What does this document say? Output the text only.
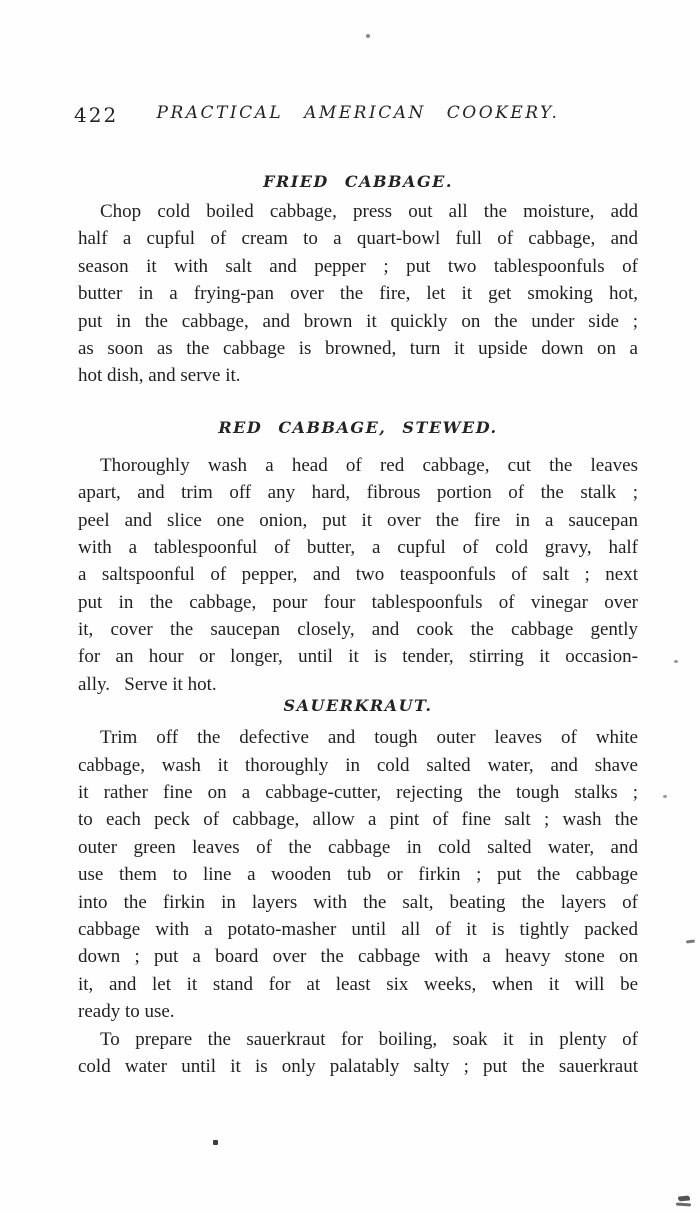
422	PRACTICAL AMERICAN COOKERY.
FRIED CABBAGE.
Chop cold boiled cabbage, press out all the moisture, add
half a cupful of cream to a quart-bowl full of cabbage, and
season it with salt and pepper ; put two tablespoonfuls of
butter in a frying-pan over the fire, let it get smoking hot,
put in the cabbage, and brown it quickly on the under side ;
as soon as the cabbage is browned, turn it upside down on a
hot dish, and serve it.
RED CABBAGE, STEWED.
Thoroughly wash a head of red cabbage, cut the leaves
apart, and trim off any hard, fibrous portion of the stalk ;
peel and slice one onion, put it over the fire in a saucepan
with a tablespoonful of butter, a cupful of cold gravy, half
a saltspoonful of pepper, and two teaspoonfuls of salt ; next
put in the cabbage, pour four tablespoonfuls of vinegar over
it, cover the saucepan closely, and cook the cabbage gently
for an hour or longer, until it is tender, stirring it occasion-
ally.   Serve it hot.
SAUERKRAUT.
Trim off the defective and tough outer leaves of white
cabbage, wash it thoroughly in cold salted water, and shave
it rather fine on a cabbage-cutter, rejecting the tough stalks ;
to each peck of cabbage, allow a pint of fine salt ; wash the
outer green leaves of the cabbage in cold salted water, and
use them to line a wooden tub or firkin ; put the cabbage
into the firkin in layers with the salt, beating the layers of
cabbage with a potato-masher until all of it is tightly packed
down ; put a board over the cabbage with a heavy stone on
it, and let it stand for at least six weeks, when it will be
ready to use.
To prepare the sauerkraut for boiling, soak it in plenty of
cold water until it is only palatably salty ; put the sauerkraut
